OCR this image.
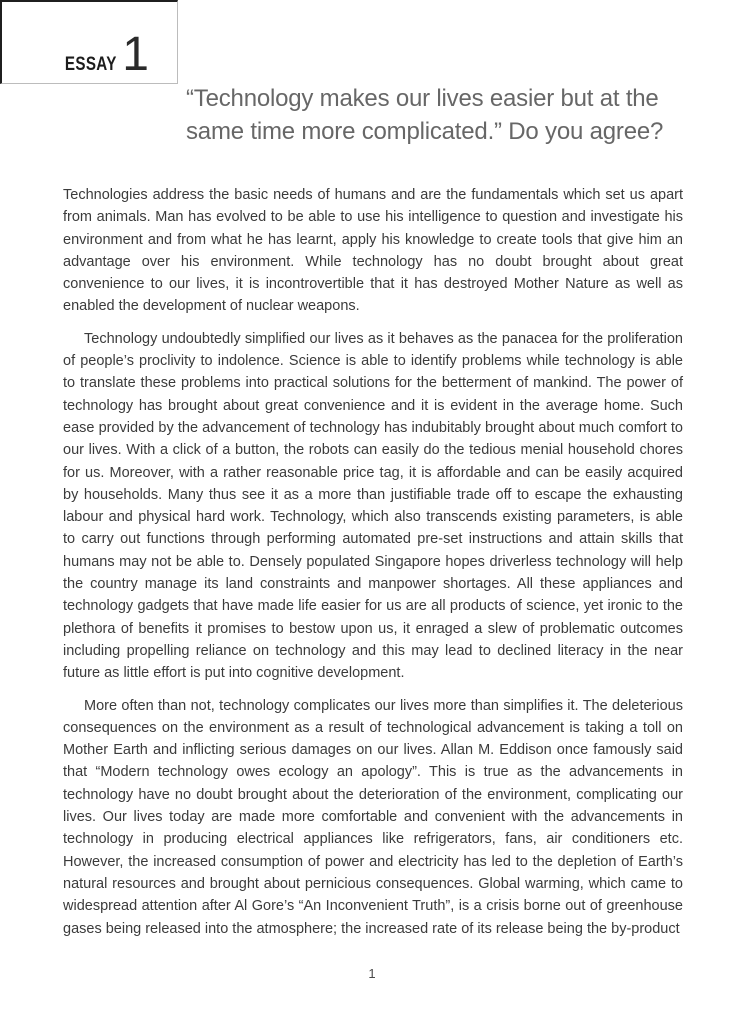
ESSAY 1
“Technology makes our lives easier but at the
same time more complicated.” Do you agree?

Technologies address the basic needs of humans and are the fundamentals which set us apart from animals. Man has evolved to be able to use his intelligence to question and investigate his environment and from what he has learnt, apply his knowledge to create tools that give him an advantage over his environment. While technology has no doubt brought about great convenience to our lives, it is incontrovertible that it has destroyed Mother Nature as well as enabled the development of nuclear weapons.

Technology undoubtedly simplified our lives as it behaves as the panacea for the proliferation of people’s proclivity to indolence. Science is able to identify problems while technology is able to translate these problems into practical solutions for the betterment of mankind. The power of technology has brought about great convenience and it is evident in the average home. Such ease provided by the advancement of technology has indubitably brought about much comfort to our lives. With a click of a button, the robots can easily do the tedious menial household chores for us. Moreover, with a rather reasonable price tag, it is affordable and can be easily acquired by households. Many thus see it as a more than justifiable trade off to escape the exhausting labour and physical hard work. Technology, which also transcends existing parameters, is able to carry out functions through performing automated pre-set instructions and attain skills that humans may not be able to. Densely populated Singapore hopes driverless technology will help the country manage its land constraints and manpower shortages. All these appliances and technology gadgets that have made life easier for us are all products of science, yet ironic to the plethora of benefits it promises to bestow upon us, it enraged a slew of problematic outcomes including propelling reliance on technology and this may lead to declined literacy in the near future as little effort is put into cognitive development.

More often than not, technology complicates our lives more than simplifies it. The deleterious consequences on the environment as a result of technological advancement is taking a toll on Mother Earth and inflicting serious damages on our lives. Allan M. Eddison once famously said that “Modern technology owes ecology an apology”. This is true as the advancements in technology have no doubt brought about the deterioration of the environment, complicating our lives. Our lives today are made more comfortable and convenient with the advancements in technology in producing electrical appliances like refrigerators, fans, air conditioners etc. However, the increased consumption of power and electricity has led to the depletion of Earth’s natural resources and brought about pernicious consequences. Global warming, which came to widespread attention after Al Gore’s “An Inconvenient Truth”, is a crisis borne out of greenhouse gases being released into the atmosphere; the increased rate of its release being the by-product

1
